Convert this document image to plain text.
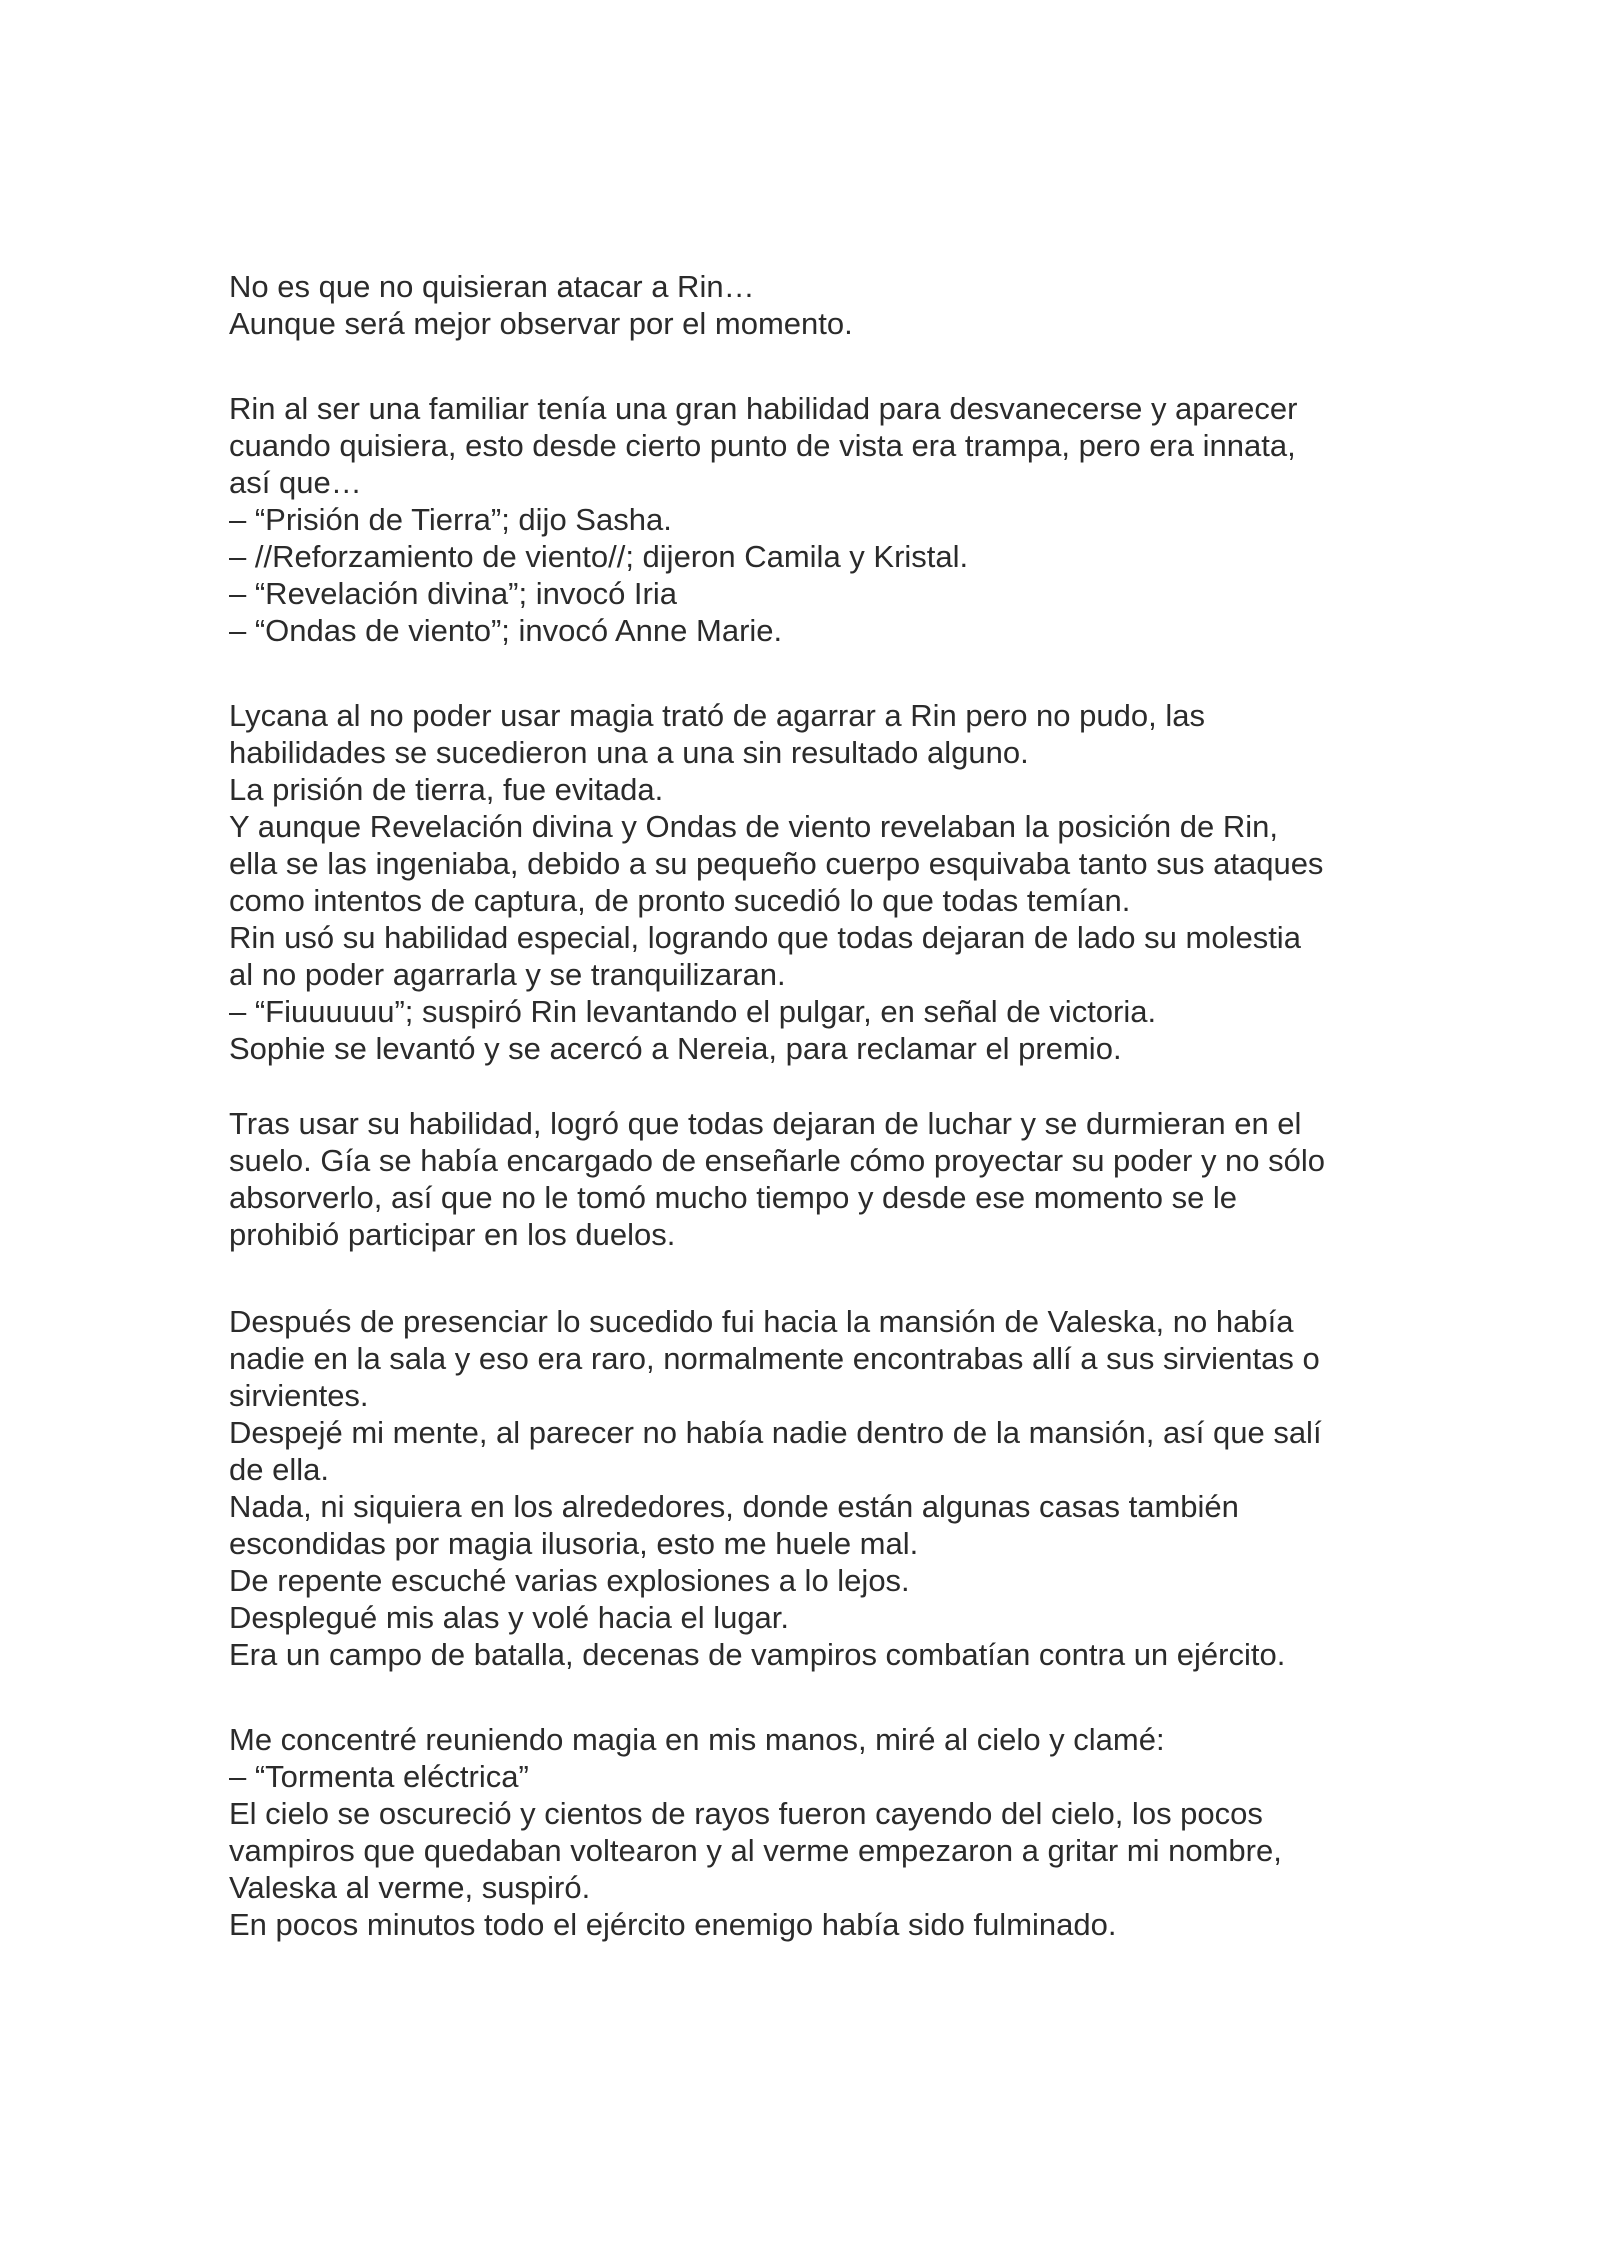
No es que no quisieran atacar a Rin…
Aunque será mejor observar por el momento.
Rin al ser una familiar tenía una gran habilidad para desvanecerse y aparecer
cuando quisiera, esto desde cierto punto de vista era trampa, pero era innata,
así que…
– “Prisión de Tierra”; dijo Sasha.
– //Reforzamiento de viento//; dijeron Camila y Kristal.
– “Revelación divina”; invocó Iria
– “Ondas de viento”; invocó Anne Marie.
Lycana al no poder usar magia trató de agarrar a Rin pero no pudo, las
habilidades se sucedieron una a una sin resultado alguno.
La prisión de tierra, fue evitada.
Y aunque Revelación divina y Ondas de viento revelaban la posición de Rin,
ella se las ingeniaba, debido a su pequeño cuerpo esquivaba tanto sus ataques
como intentos de captura, de pronto sucedió lo que todas temían.
Rin usó su habilidad especial, logrando que todas dejaran de lado su molestia
al no poder agarrarla y se tranquilizaran.
– “Fiuuuuuu”; suspiró Rin levantando el pulgar, en señal de victoria.
Sophie se levantó y se acercó a Nereia, para reclamar el premio.
Tras usar su habilidad, logró que todas dejaran de luchar y se durmieran en el
suelo. Gía se había encargado de enseñarle cómo proyectar su poder y no sólo
absorverlo, así que no le tomó mucho tiempo y desde ese momento se le
prohibió participar en los duelos.
Después de presenciar lo sucedido fui hacia la mansión de Valeska, no había
nadie en la sala y eso era raro, normalmente encontrabas allí a sus sirvientas o
sirvientes.
Despejé mi mente, al parecer no había nadie dentro de la mansión, así que salí
de ella.
Nada, ni siquiera en los alrededores, donde están algunas casas también
escondidas por magia ilusoria, esto me huele mal.
De repente escuché varias explosiones a lo lejos.
Desplegué mis alas y volé hacia el lugar.
Era un campo de batalla, decenas de vampiros combatían contra un ejército.
Me concentré reuniendo magia en mis manos, miré al cielo y clamé:
– “Tormenta eléctrica”
El cielo se oscureció y cientos de rayos fueron cayendo del cielo, los pocos
vampiros que quedaban voltearon y al verme empezaron a gritar mi nombre,
Valeska al verme, suspiró.
En pocos minutos todo el ejército enemigo había sido fulminado.
